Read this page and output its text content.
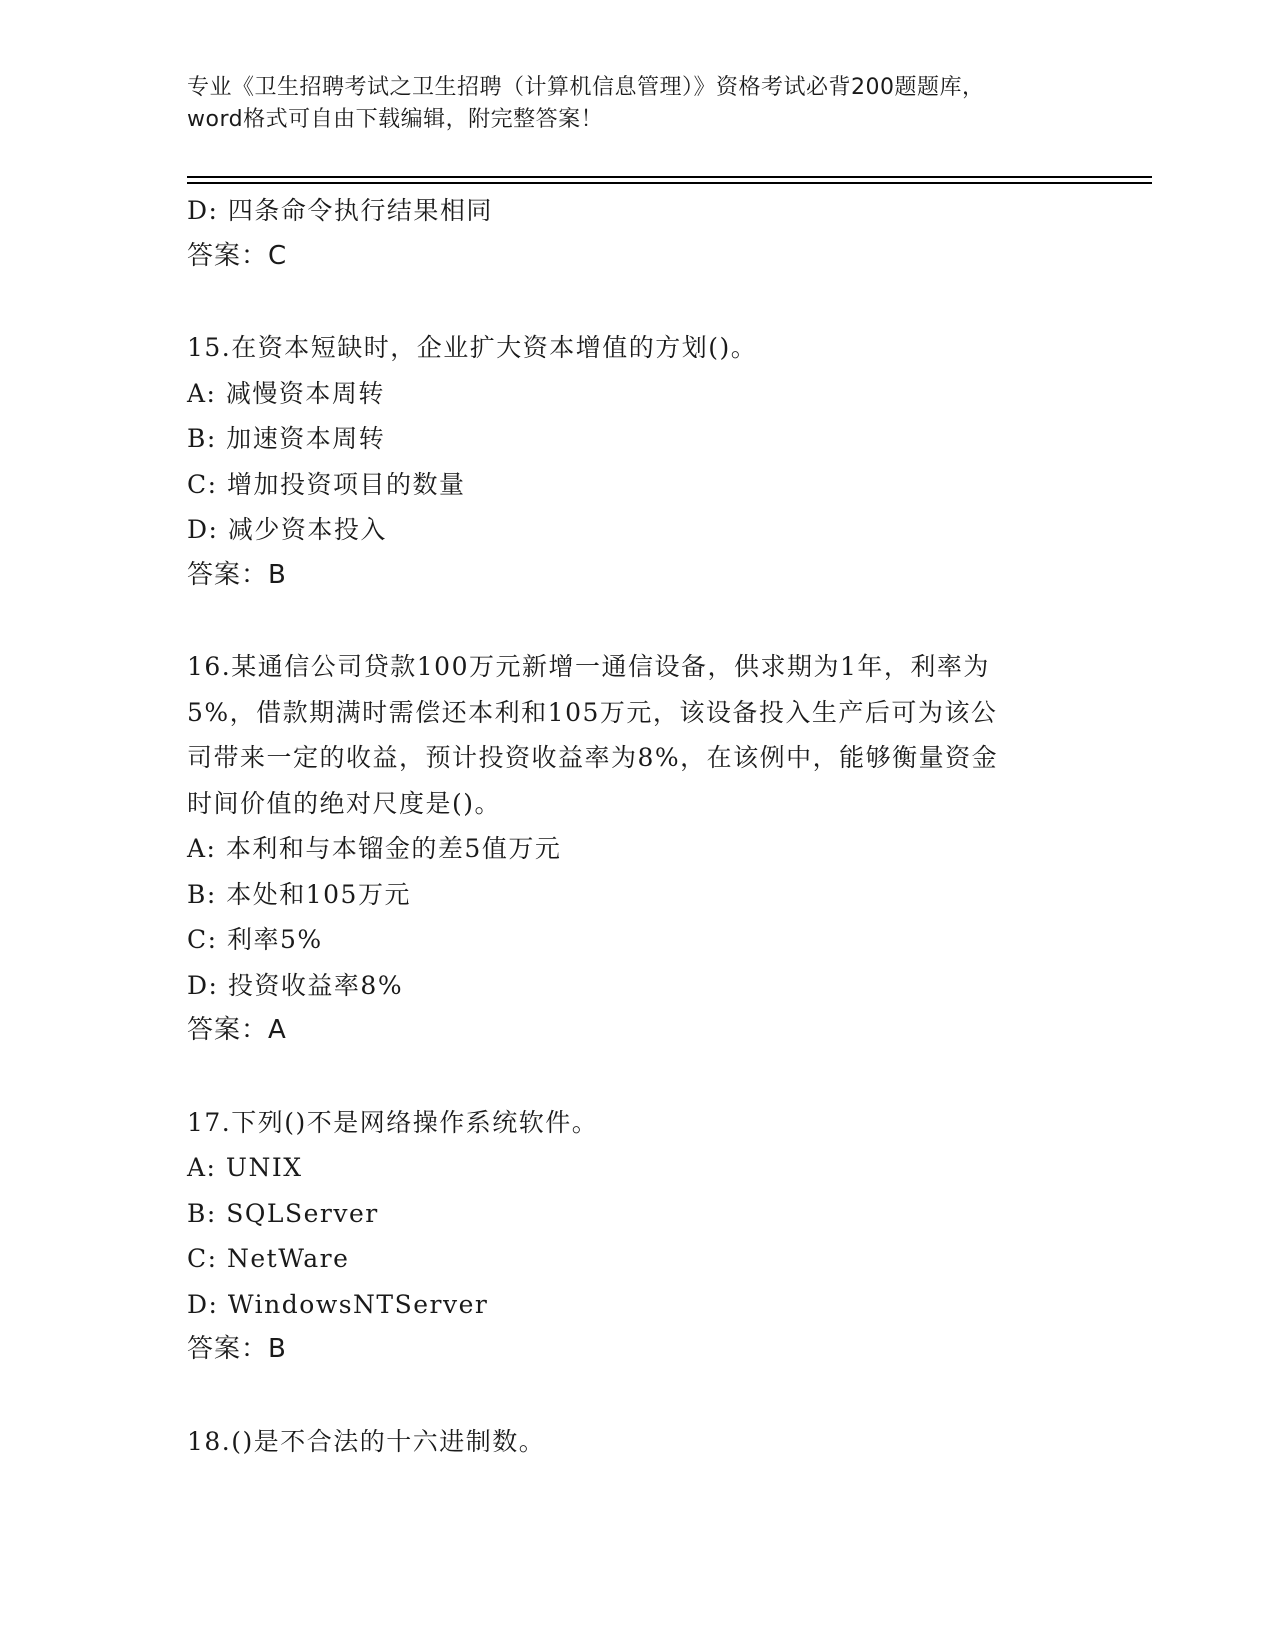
专业《卫生招聘考试之卫生招聘（计算机信息管理）》资格考试必背200题题库，
word格式可自由下载编辑，附完整答案！
D: 四条命令执行结果相同
答案：C
15.在资本短缺时，企业扩大资本增值的方划()。
A: 减慢资本周转
B: 加速资本周转
C: 增加投资项目的数量
D: 减少资本投入
答案：B
16.某通信公司贷款100万元新增一通信设备，供求期为1年，利率为
5%，借款期满时需偿还本利和105万元，该设备投入生产后可为该公
司带来一定的收益，预计投资收益率为8%，在该例中，能够衡量资金
时间价值的绝对尺度是()。
A: 本利和与本镏金的差5值万元
B: 本处和105万元
C: 利率5%
D: 投资收益率8%
答案：A
17.下列()不是网络操作系统软件。
A: UNIX
B: SQLServer
C: NetWare
D: WindowsNTServer
答案：B
18.()是不合法的十六进制数。
